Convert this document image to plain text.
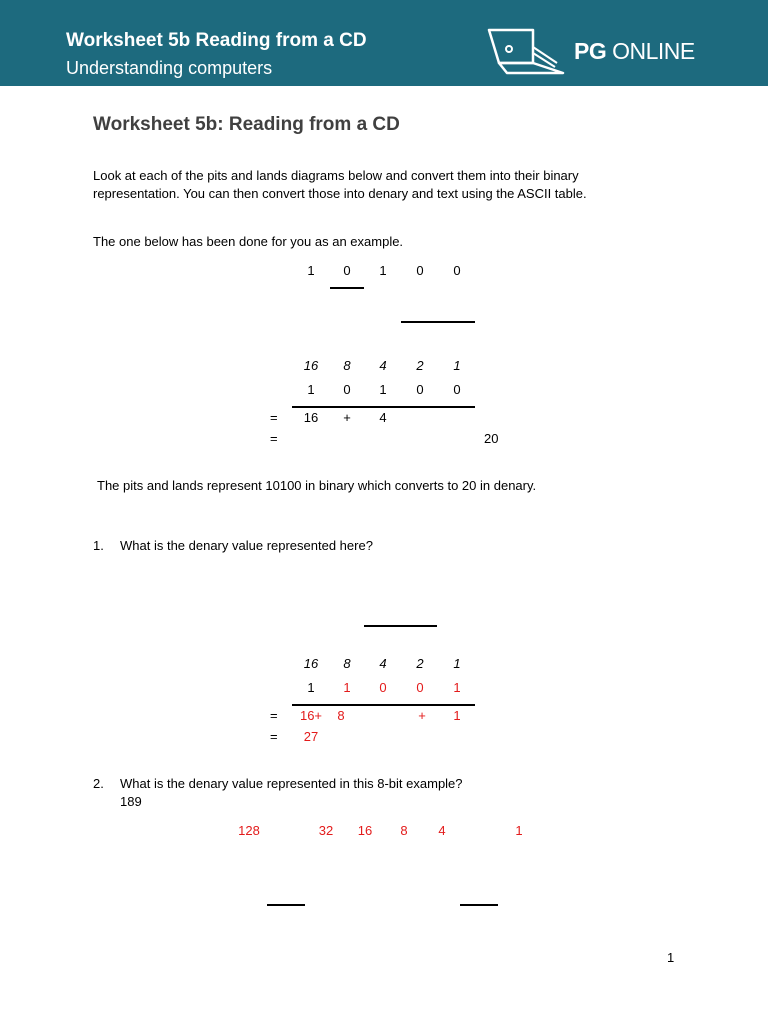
Worksheet 5b Reading from a CD
Understanding computers
PG ONLINE
Worksheet 5b: Reading from a CD
Look at each of the pits and lands diagrams below and convert them into their binary
representation. You can then convert those into denary and text using the ASCII table.
The one below has been done for you as an example.
1	0	1	0	0
16	8	4	2	1
1	0	1	0	0
=	16	+	4
=	20
The pits and lands represent 10100 in binary which converts to 20 in denary.
1. What is the denary value represented here?
16	8	4	2	1
1	1	0	0	1
=	16+	8	+	1
=	27
2. What is the denary value represented in this 8-bit example?
189
128	32	16	8	4	1
1
